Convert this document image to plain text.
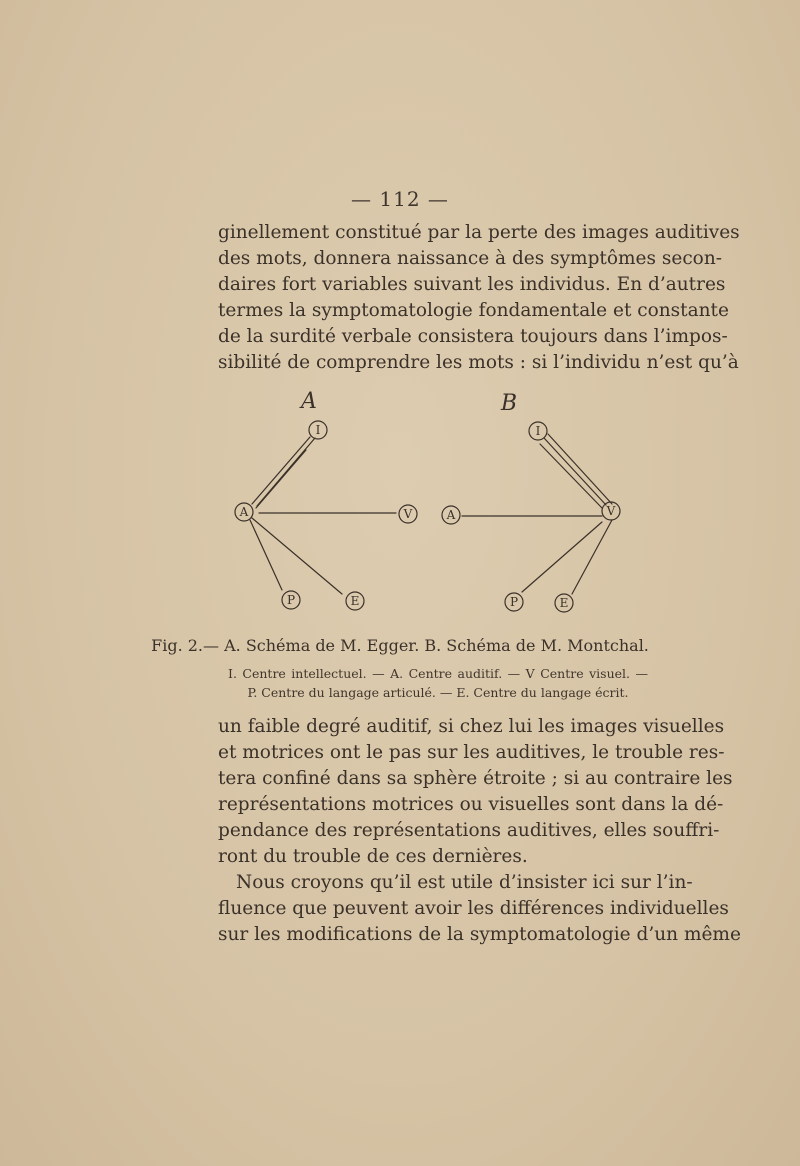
— 112 —
ginellement constitué par la perte des images auditives
des mots, donnera naissance à des symptômes secon-
daires fort variables suivant les individus. En d’autres
termes la symptomatologie fondamentale et constante
de la surdité verbale consistera toujours dans l’impos-
sibilité de comprendre les mots : si l’individu n’est qu’à
A
I
A	V
P	E
B
I
A	V
P	E
Fig. 2.— A. Schéma de M. Egger. B. Schéma de M. Montchal.
I. Centre intellectuel. — A. Centre auditif. — V Centre visuel. —
P. Centre du langage articulé. — E. Centre du langage écrit.
un faible degré auditif, si chez lui les images visuelles
et motrices ont le pas sur les auditives, le trouble res-
tera confiné dans sa sphère étroite ; si au contraire les
représentations motrices ou visuelles sont dans la dé-
pendance des représentations auditives, elles souffri-
ront du trouble de ces dernières.
Nous croyons qu’il est utile d’insister ici sur l’in-
fluence que peuvent avoir les différences individuelles
sur les modifications de la symptomatologie d’un même
